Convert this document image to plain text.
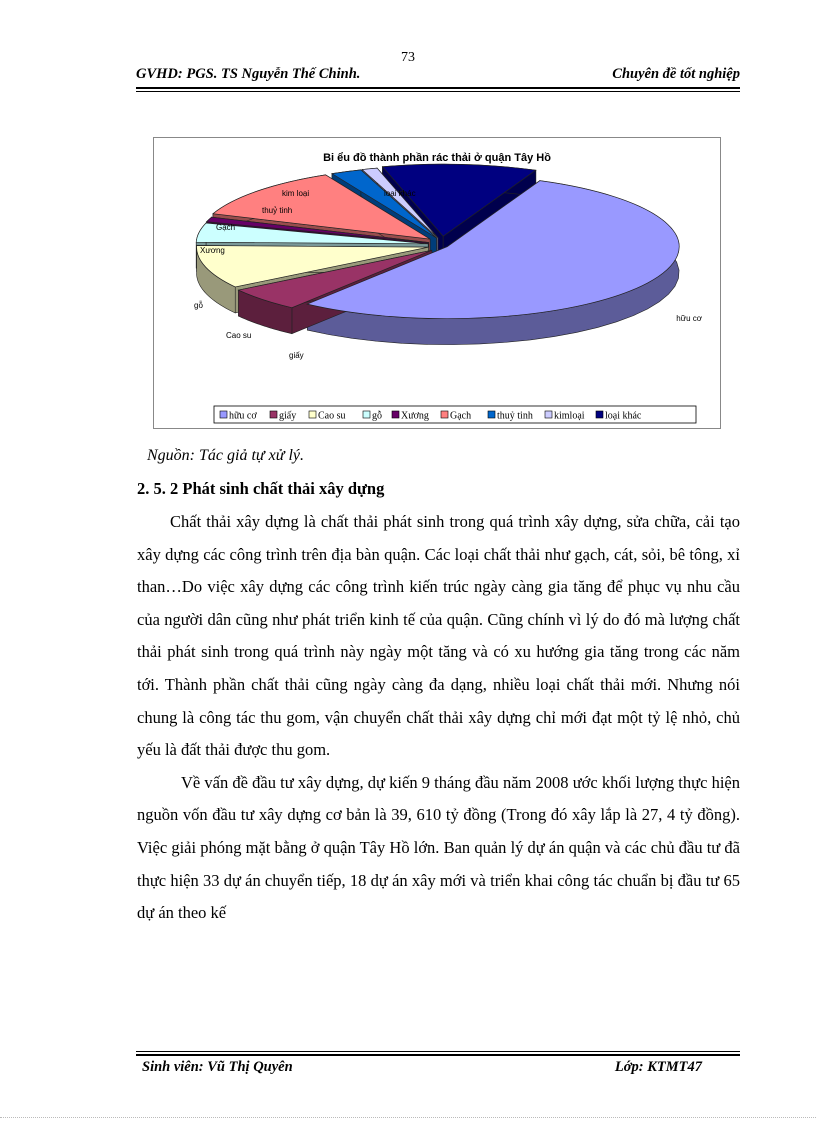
73
GVHD: PGS. TS Nguyễn Thế Chinh.	Chuyên đề tốt nghiệp
Bi ểu đồ thành phần rác thải ở quận Tây Hồ
hữu cơ
giấy
Cao su
gỗ
Xương
Gạch
thuỷ tinh
kim loại	loại khác
hữu cơ giấy Cao su	gỗ Xương Gạch	thuỷ tinh kimloại loại khác
Nguồn: Tác giả tự xử lý.
2. 5. 2 Phát sinh chất thải xây dựng

Chất thải xây dựng là chất thải phát sinh trong quá trình xây dựng, sửa chữa, cải tạo xây dựng các công trình trên địa bàn quận. Các loại chất thải như gạch, cát, sỏi, bê tông, xỉ than…Do việc xây dựng các công trình kiến trúc ngày càng gia tăng để phục vụ nhu cầu của người dân cũng như phát triển kinh tế của quận. Cũng chính vì lý do đó mà lượng chất thải phát sinh trong quá trình này ngày một tăng và có xu hướng gia tăng trong các năm tới. Thành phần chất thải cũng ngày càng đa dạng, nhiều loại chất thải mới. Nhưng nói chung là công tác thu gom, vận chuyển chất thải xây dựng chỉ mới đạt một tỷ lệ nhỏ, chủ yếu là đất thải được thu gom.

Về vấn đề đầu tư xây dựng, dự kiến 9 tháng đầu năm 2008 ước khối lượng thực hiện nguồn vốn đầu tư xây dựng cơ bản là 39, 610 tỷ đồng (Trong đó xây lắp là 27, 4 tỷ đồng). Việc giải phóng mặt bằng ở quận Tây Hồ lớn. Ban quản lý dự án quận và các chủ đầu tư đã thực hiện 33 dự án chuyển tiếp, 18 dự án xây mới và triển khai công tác chuẩn bị đầu tư 65 dự án theo kế

Sinh viên: Vũ Thị Quyên	Lớp: KTMT47
